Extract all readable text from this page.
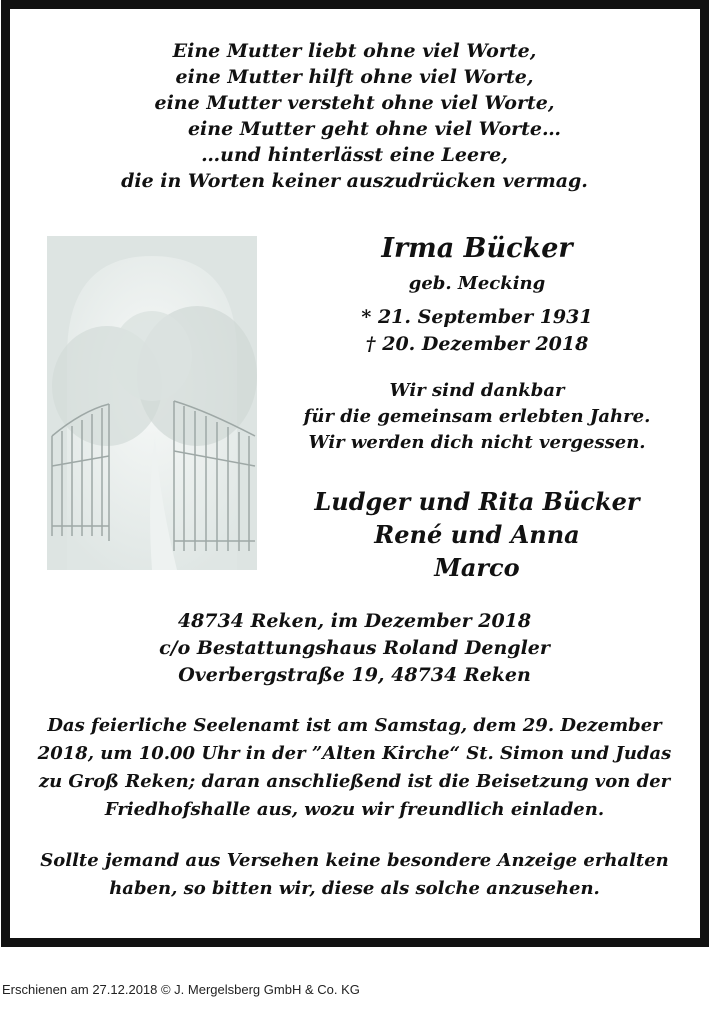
Eine Mutter liebt ohne viel Worte,
eine Mutter hilft ohne viel Worte,
eine Mutter versteht ohne viel Worte,
eine Mutter geht ohne viel Worte…
…und hinterlässt eine Leere,
die in Worten keiner auszudrücken vermag.
Irma Bücker
geb. Mecking
* 21. September 1931
† 20. Dezember 2018
Wir sind dankbar
für die gemeinsam erlebten Jahre.
Wir werden dich nicht vergessen.
Ludger und Rita Bücker
René und Anna
Marco
48734 Reken, im Dezember 2018
c/o Bestattungshaus Roland Dengler
Overbergstraße 19, 48734 Reken
Das feierliche Seelenamt ist am Samstag, dem 29. Dezember
2018, um 10.00 Uhr in der ”Alten Kirche“ St. Simon und Judas
zu Groß Reken; daran anschließend ist die Beisetzung von der
Friedhofshalle aus, wozu wir freundlich einladen.
Sollte jemand aus Versehen keine besondere Anzeige erhalten
haben, so bitten wir, diese als solche anzusehen.
Erschienen am 27.12.2018 © J. Mergelsberg GmbH & Co. KG
